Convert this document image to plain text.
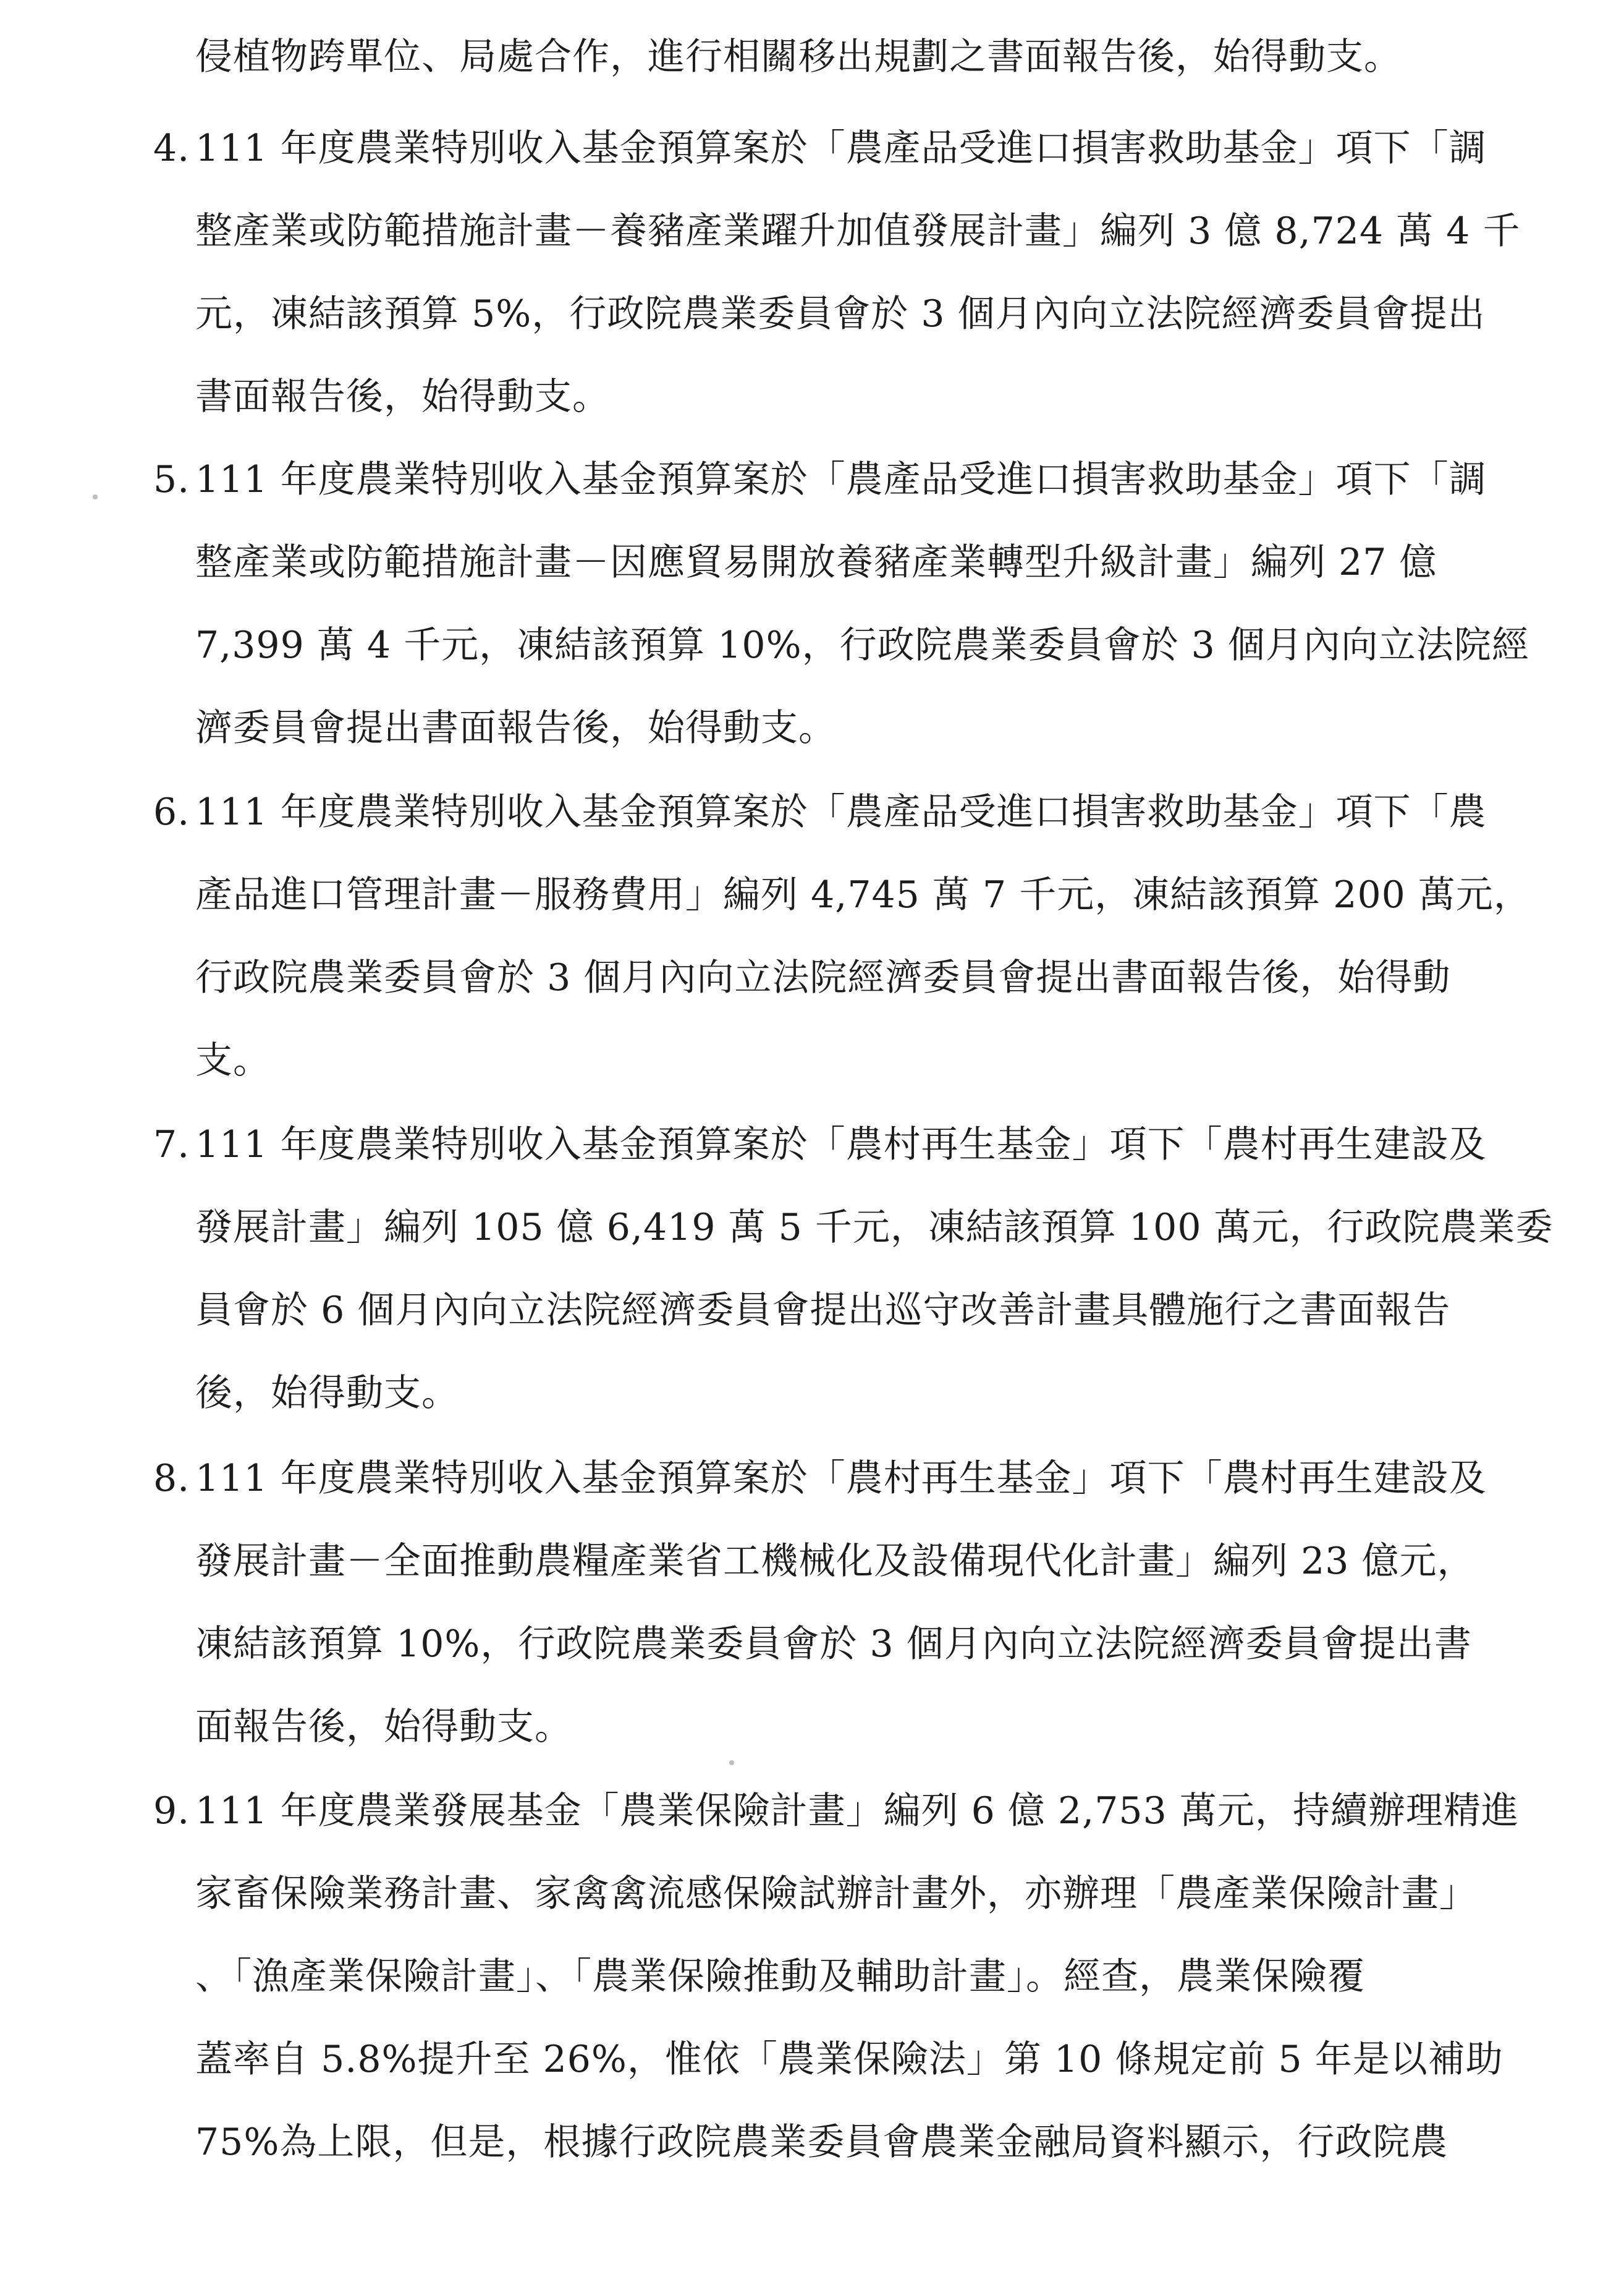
侵植物跨單位、局處合作，進行相關移出規劃之書面報告後，始得動支。
4. 111 年度農業特別收入基金預算案於「農產品受進口損害救助基金」項下「調
整產業或防範措施計畫－養豬產業躍升加值發展計畫」編列 3 億 8,724 萬 4 千
元，凍結該預算 5%，行政院農業委員會於 3 個月內向立法院經濟委員會提出
書面報告後，始得動支。
5. 111 年度農業特別收入基金預算案於「農產品受進口損害救助基金」項下「調
整產業或防範措施計畫－因應貿易開放養豬產業轉型升級計畫」編列 27 億
7,399 萬 4 千元，凍結該預算 10%，行政院農業委員會於 3 個月內向立法院經
濟委員會提出書面報告後，始得動支。
6. 111 年度農業特別收入基金預算案於「農產品受進口損害救助基金」項下「農
產品進口管理計畫－服務費用」編列 4,745 萬 7 千元，凍結該預算 200 萬元，
行政院農業委員會於 3 個月內向立法院經濟委員會提出書面報告後，始得動
支。
7. 111 年度農業特別收入基金預算案於「農村再生基金」項下「農村再生建設及
發展計畫」編列 105 億 6,419 萬 5 千元，凍結該預算 100 萬元，行政院農業委
員會於 6 個月內向立法院經濟委員會提出巡守改善計畫具體施行之書面報告
後，始得動支。
8. 111 年度農業特別收入基金預算案於「農村再生基金」項下「農村再生建設及
發展計畫－全面推動農糧產業省工機械化及設備現代化計畫」編列 23 億元，
凍結該預算 10%，行政院農業委員會於 3 個月內向立法院經濟委員會提出書
面報告後，始得動支。
9. 111 年度農業發展基金「農業保險計畫」編列 6 億 2,753 萬元，持續辦理精進
家畜保險業務計畫、家禽禽流感保險試辦計畫外，亦辦理「農產業保險計畫」
、「漁產業保險計畫」、「農業保險推動及輔助計畫」。經查，農業保險覆
蓋率自 5.8%提升至 26%，惟依「農業保險法」第 10 條規定前 5 年是以補助
75%為上限，但是，根據行政院農業委員會農業金融局資料顯示，行政院農
